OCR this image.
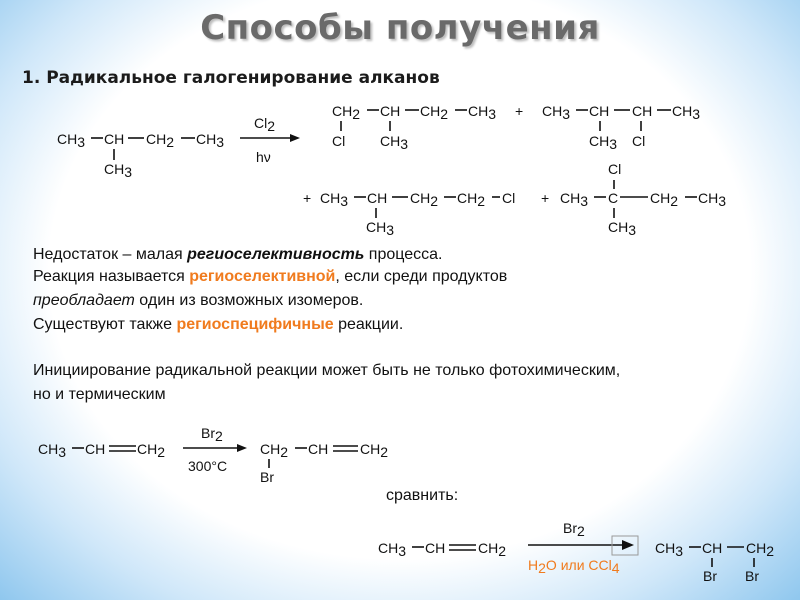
Способы получения
1. Радикальное галогенирование алканов
CH3 CH CH2 CH3
CH3
Cl2
hν
CH2 CH CH2 CH3
Cl CH3
+ CH3 CH CH CH3
CH3 Cl
+ CH3 CH CH2 CH2 Cl
CH3
+
Cl
CH3 C CH2 CH3
CH3
CH3 CH CH2
Br2
300°C
CH2 CH CH2
Br
CH3 CH CH2
Br2
H2O или CCl4
CH3 CH CH2
Br Br
Недостаток – малая региоселективность процесса.
Реакция называется региоселективной, если среди продуктов
преобладает один из возможных изомеров.
Существуют также региоспецифичные реакции.
Инициирование радикальной реакции может быть не только фотохимическим,
но и термическим
сравнить:
